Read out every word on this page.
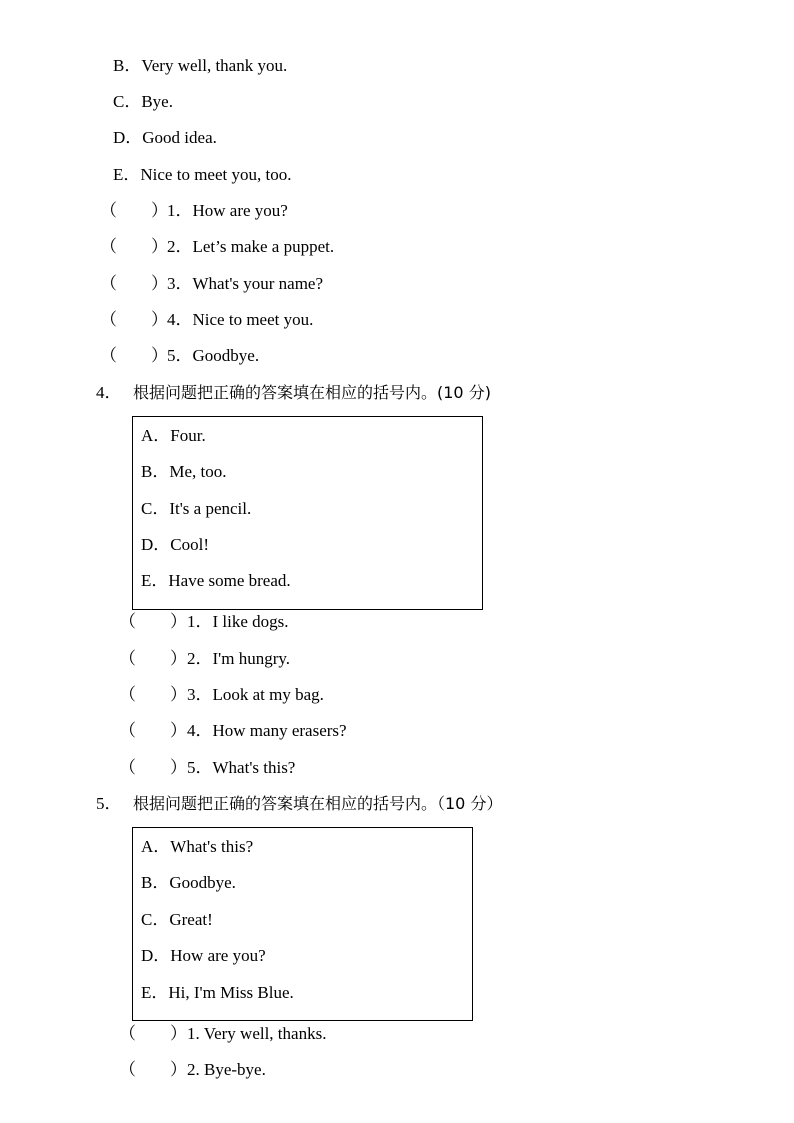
B．Very well, thank you.
C．Bye.
D．Good idea.
E．Nice to meet you, too.
（　　） 1．How are you?
（　　） 2．Let’s make a puppet.
（　　） 3．What's your name?
（　　） 4．Nice to meet you.
（　　） 5．Goodbye.
4． 根据问题把正确的答案填在相应的括号内。(10 分)
A．Four.
B．Me, too.
C．It's a pencil.
D．Cool!
E．Have some bread.
（　　） 1．I like dogs.
（　　） 2．I'm hungry.
（　　） 3．Look at my bag.
（　　） 4．How many erasers?
（　　） 5．What's this?
5． 根据问题把正确的答案填在相应的括号内。（10 分）
A．What's this?
B．Goodbye.
C．Great!
D．How are you?
E．Hi, I'm Miss Blue.
（　　） 1. Very well, thanks.
（　　） 2. Bye-bye.
